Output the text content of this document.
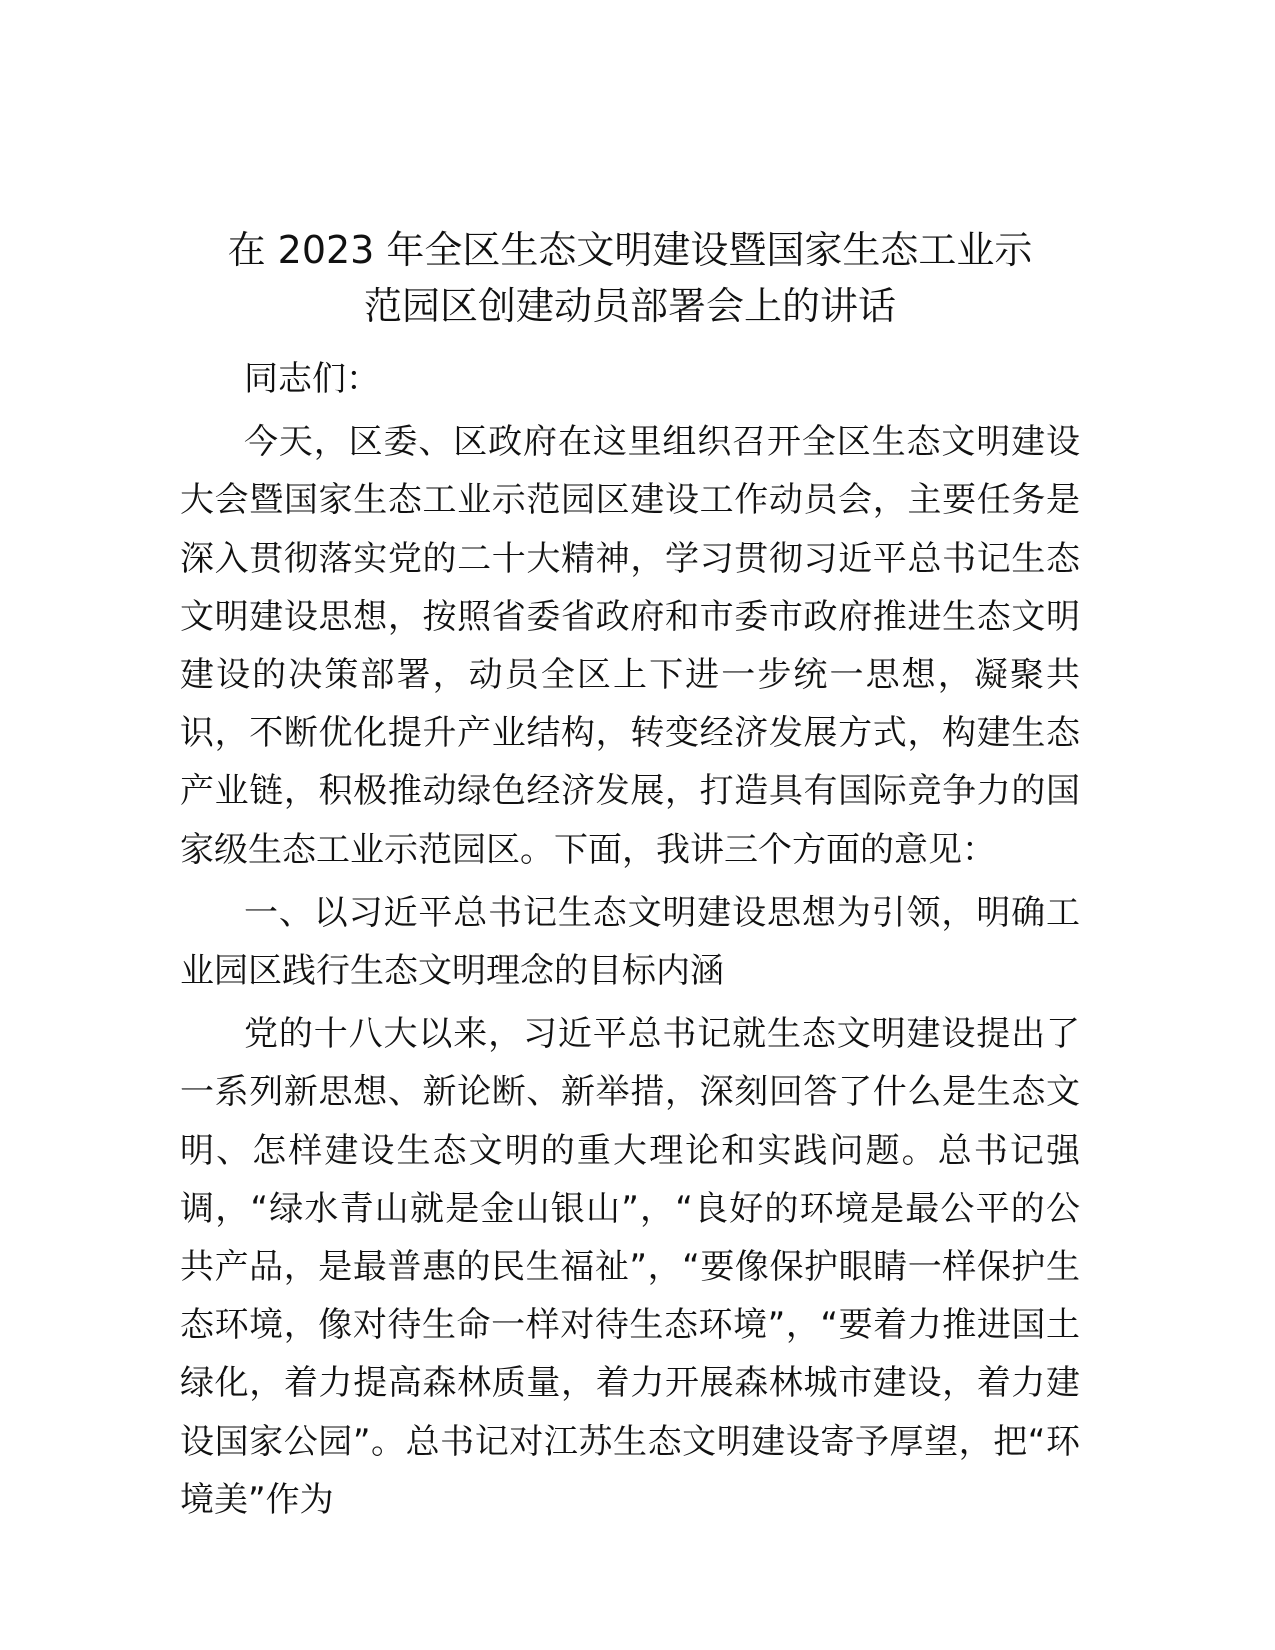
在 2023 年全区生态文明建设暨国家生态工业示
范园区创建动员部署会上的讲话

同志们：

今天，区委、区政府在这里组织召开全区生态文明建设大会暨国家生态工业示范园区建设工作动员会，主要任务是深入贯彻落实党的二十大精神，学习贯彻习近平总书记生态文明建设思想，按照省委省政府和市委市政府推进生态文明建设的决策部署，动员全区上下进一步统一思想，凝聚共识，不断优化提升产业结构，转变经济发展方式，构建生态产业链，积极推动绿色经济发展，打造具有国际竞争力的国家级生态工业示范园区。下面，我讲三个方面的意见：

一、以习近平总书记生态文明建设思想为引领，明确工业园区践行生态文明理念的目标内涵

党的十八大以来，习近平总书记就生态文明建设提出了一系列新思想、新论断、新举措，深刻回答了什么是生态文明、怎样建设生态文明的重大理论和实践问题。总书记强调，“绿水青山就是金山银山”，“良好的环境是最公平的公共产品，是最普惠的民生福祉”，“要像保护眼睛一样保护生态环境，像对待生命一样对待生态环境”，“要着力推进国土绿化，着力提高森林质量，着力开展森林城市建设，着力建设国家公园”。总书记对江苏生态文明建设寄予厚望，把“环境美”作为
